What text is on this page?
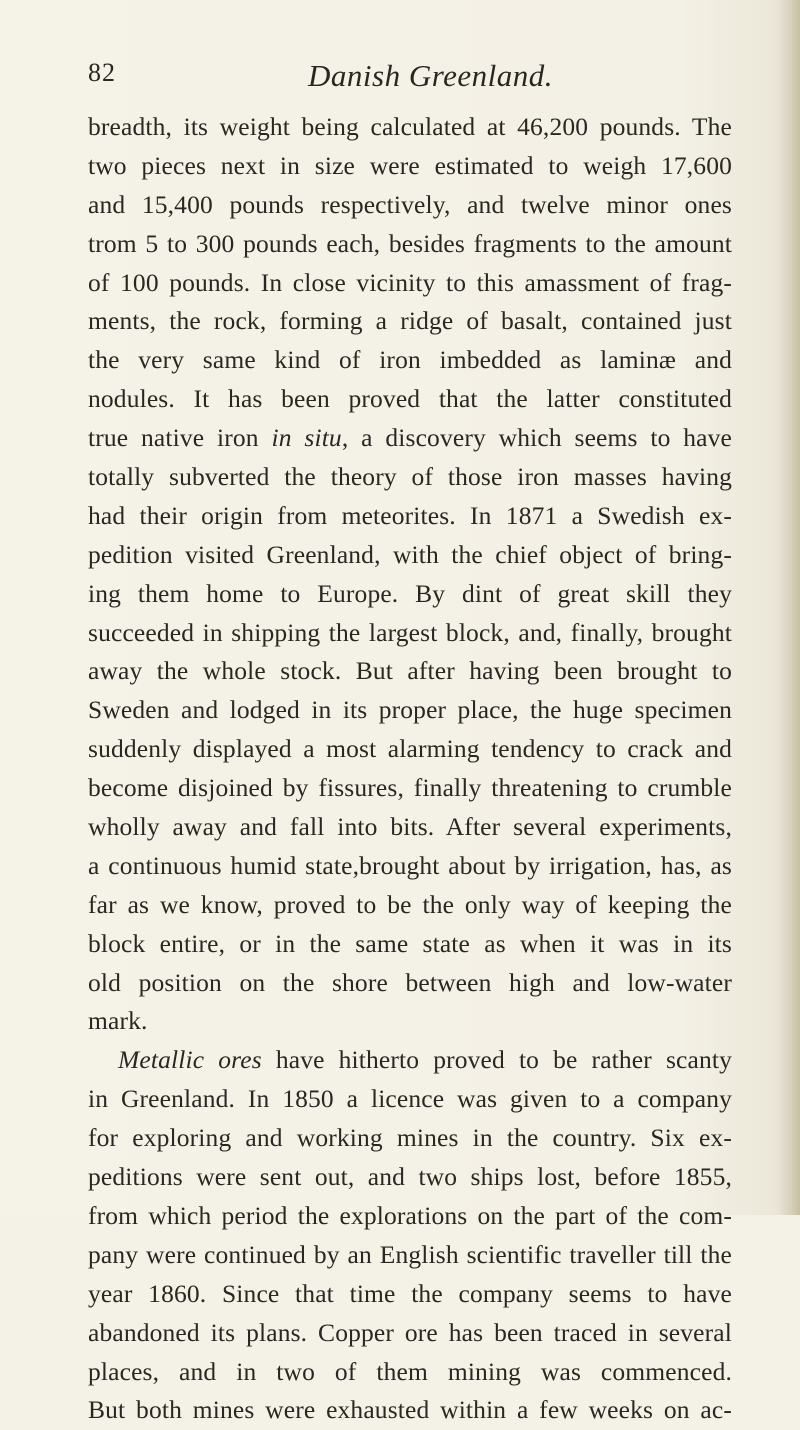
82	Danish Greenland.
breadth, its weight being calculated at 46,200 pounds. The
two pieces next in size were estimated to weigh 17,600
and 15,400 pounds respectively, and twelve minor ones
trom 5 to 300 pounds each, besides fragments to the amount
of 100 pounds. In close vicinity to this amassment of frag-
ments, the rock, forming a ridge of basalt, contained just
the very same kind of iron imbedded as laminæ and
nodules. It has been proved that the latter constituted
true native iron in situ, a discovery which seems to have
totally subverted the theory of those iron masses having
had their origin from meteorites. In 1871 a Swedish ex-
pedition visited Greenland, with the chief object of bring-
ing them home to Europe. By dint of great skill they
succeeded in shipping the largest block, and, finally, brought
away the whole stock. But after having been brought to
Sweden and lodged in its proper place, the huge specimen
suddenly displayed a most alarming tendency to crack and
become disjoined by fissures, finally threatening to crumble
wholly away and fall into bits. After several experiments,
a continuous humid state,brought about by irrigation, has, as
far as we know, proved to be the only way of keeping the
block entire, or in the same state as when it was in its
old position on the shore between high and low-water
mark.
Metallic ores have hitherto proved to be rather scanty
in Greenland. In 1850 a licence was given to a company
for exploring and working mines in the country. Six ex-
peditions were sent out, and two ships lost, before 1855,
from which period the explorations on the part of the com-
pany were continued by an English scientific traveller till the
year 1860. Since that time the company seems to have
abandoned its plans. Copper ore has been traced in several
places, and in two of them mining was commenced.
But both mines were exhausted within a few weeks on ac-
